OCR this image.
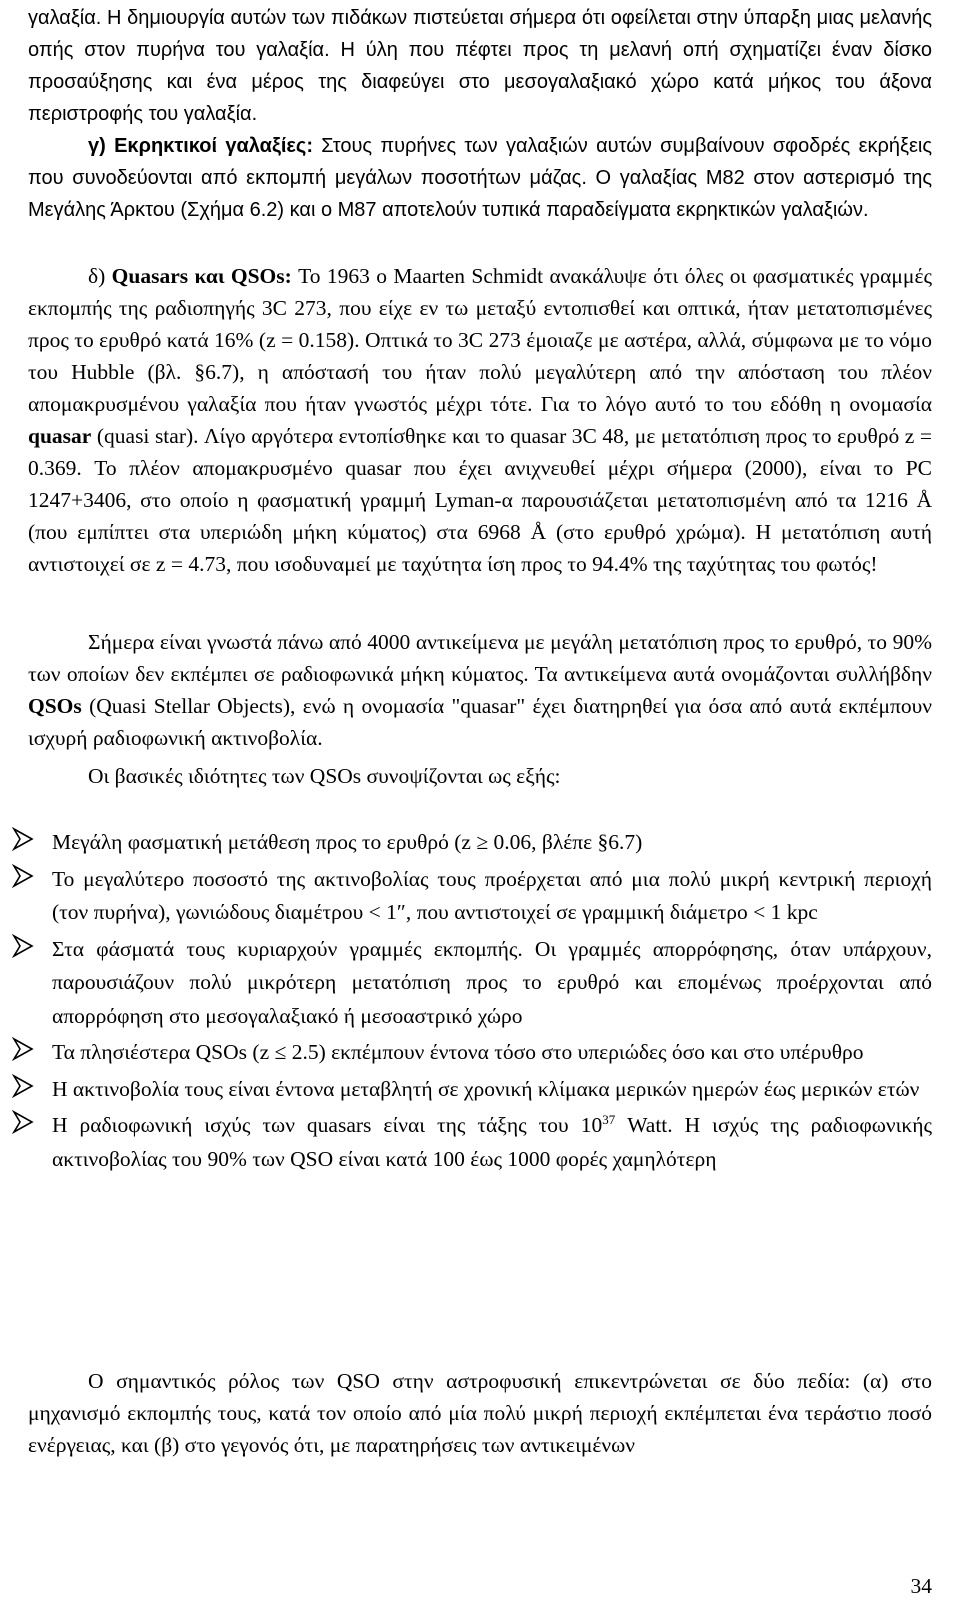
γαλαξία. Η δημιουργία αυτών των πιδάκων πιστεύεται σήμερα ότι οφείλεται στην ύπαρξη μιας μελανής οπής στον πυρήνα του γαλαξία. Η ύλη που πέφτει προς τη μελανή οπή σχηματίζει έναν δίσκο προσαύξησης και ένα μέρος της διαφεύγει στο μεσογαλαξιακό χώρο κατά μήκος του άξονα περιστροφής του γαλαξία.

γ) Εκρηκτικοί γαλαξίες: Στους πυρήνες των γαλαξιών αυτών συμβαίνουν σφοδρές εκρήξεις που συνοδεύονται από εκπομπή μεγάλων ποσοτήτων μάζας. Ο γαλαξίας Μ82 στον αστερισμό της Μεγάλης Άρκτου (Σχήμα 6.2) και ο Μ87 αποτελούν τυπικά παραδείγματα εκρηκτικών γαλαξιών.

δ) Quasars και QSOs: Το 1963 ο Maarten Schmidt ανακάλυψε ότι όλες οι φασματικές γραμμές εκπομπής της ραδιοπηγής 3C 273, που είχε εν τω μεταξύ εντοπισθεί και οπτικά, ήταν μετατοπισμένες προς το ερυθρό κατά 16% (z = 0.158). Οπτικά το 3C 273 έμοιαζε με αστέρα, αλλά, σύμφωνα με το νόμο του Hubble (βλ. §6.7), η απόστασή του ήταν πολύ μεγαλύτερη από την απόσταση του πλέον απομακρυσμένου γαλαξία που ήταν γνωστός μέχρι τότε. Για το λόγο αυτό το του εδόθη η ονομασία quasar (quasi star). Λίγο αργότερα εντοπίσθηκε και το quasar 3C 48, με μετατόπιση προς το ερυθρό z = 0.369. Το πλέον απομακρυσμένο quasar που έχει ανιχνευθεί μέχρι σήμερα (2000), είναι το PC 1247+3406, στο οποίο η φασματική γραμμή Lyman-α παρουσιάζεται μετατοπισμένη από τα 1216 Å (που εμπίπτει στα υπεριώδη μήκη κύματος) στα 6968 Å (στο ερυθρό χρώμα). Η μετατόπιση αυτή αντιστοιχεί σε z = 4.73, που ισοδυναμεί με ταχύτητα ίση προς το 94.4% της ταχύτητας του φωτός!

Σήμερα είναι γνωστά πάνω από 4000 αντικείμενα με μεγάλη μετατόπιση προς το ερυθρό, το 90% των οποίων δεν εκπέμπει σε ραδιοφωνικά μήκη κύματος. Τα αντικείμενα αυτά ονομάζονται συλλήβδην QSOs (Quasi Stellar Objects), ενώ η ονομασία "quasar" έχει διατηρηθεί για όσα από αυτά εκπέμπουν ισχυρή ραδιοφωνική ακτινοβολία.

Οι βασικές ιδιότητες των QSOs συνοψίζονται ως εξής:

Μεγάλη φασματική μετάθεση προς το ερυθρό (z ≥ 0.06, βλέπε §6.7)
Το μεγαλύτερο ποσοστό της ακτινοβολίας τους προέρχεται από μια πολύ μικρή κεντρική περιοχή (τον πυρήνα), γωνιώδους διαμέτρου < 1″, που αντιστοιχεί σε γραμμική διάμετρο < 1 kpc
Στα φάσματά τους κυριαρχούν γραμμές εκπομπής. Οι γραμμές απορρόφησης, όταν υπάρχουν, παρουσιάζουν πολύ μικρότερη μετατόπιση προς το ερυθρό και επομένως προέρχονται από απορρόφηση στο μεσογαλαξιακό ή μεσοαστρικό χώρο
Τα πλησιέστερα QSOs (z ≤ 2.5) εκπέμπουν έντονα τόσο στο υπεριώδες όσο και στο υπέρυθρο
Η ακτινοβολία τους είναι έντονα μεταβλητή σε χρονική κλίμακα μερικών ημερών έως μερικών ετών
Η ραδιοφωνική ισχύς των quasars είναι της τάξης του $10^{37}$ Watt. Η ισχύς της ραδιοφωνικής ακτινοβολίας του 90% των QSO είναι κατά 100 έως 1000 φορές χαμηλότερη

Ο σημαντικός ρόλος των QSO στην αστροφυσική επικεντρώνεται σε δύο πεδία: (α) στο μηχανισμό εκπομπής τους, κατά τον οποίο από μία πολύ μικρή περιοχή εκπέμπεται ένα τεράστιο ποσό ενέργειας, και (β) στο γεγονός ότι, με παρατηρήσεις των αντικειμένων

34
